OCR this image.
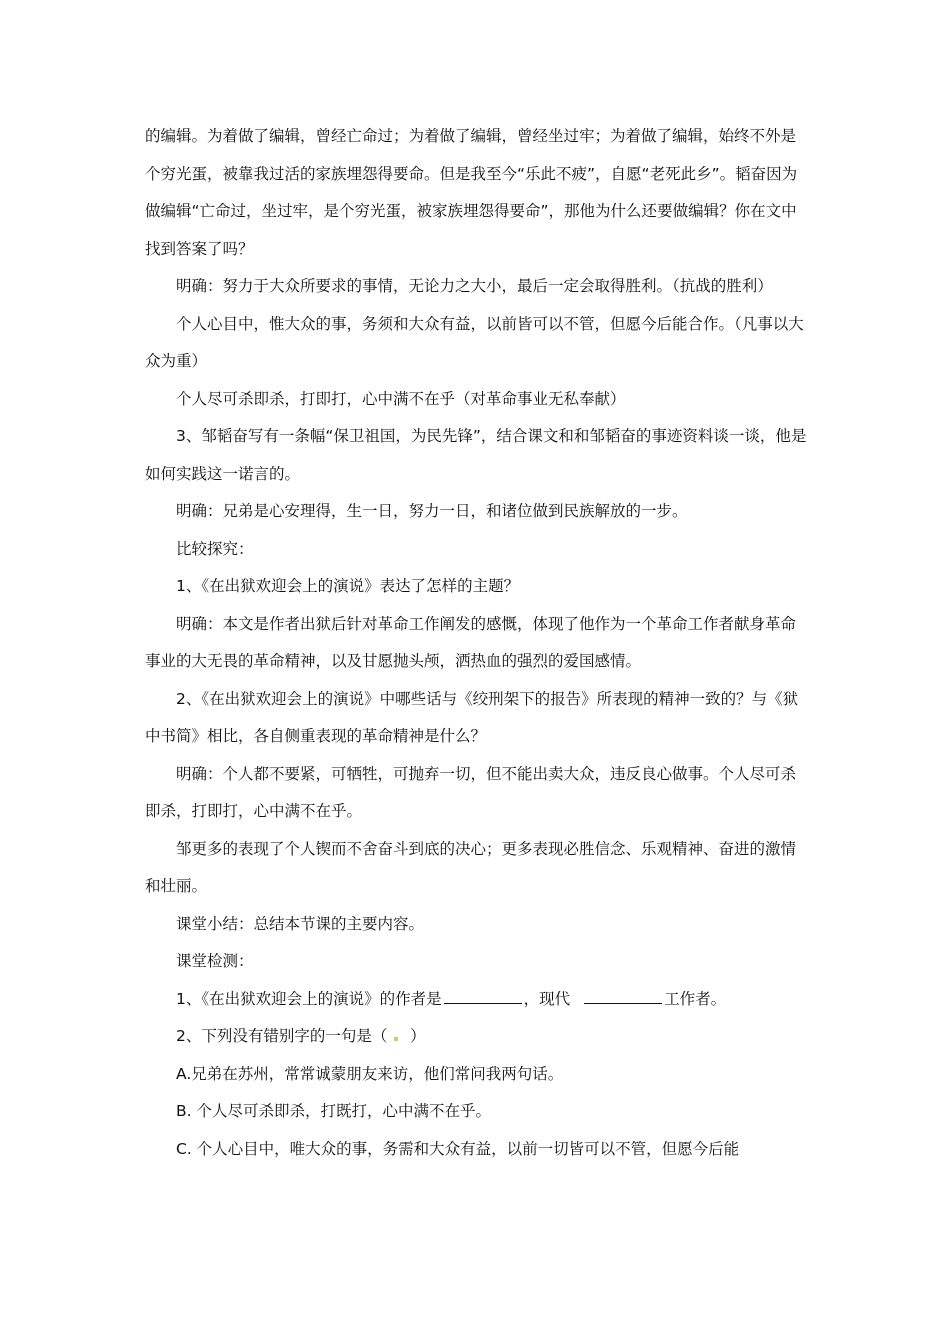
的编辑。为着做了编辑，曾经亡命过；为着做了编辑，曾经坐过牢；为着做了编辑，始终不外是个穷光蛋，被靠我过活的家族埋怨得要命。但是我至今“乐此不疲”，自愿“老死此乡”。韬奋因为做编辑“亡命过，坐过牢，是个穷光蛋，被家族埋怨得要命”，那他为什么还要做编辑？你在文中找到答案了吗？

明确：努力于大众所要求的事情，无论力之大小，最后一定会取得胜利。（抗战的胜利）

个人心目中，惟大众的事，务须和大众有益，以前皆可以不管，但愿今后能合作。（凡事以大众为重）

个人尽可杀即杀，打即打，心中满不在乎（对革命事业无私奉献）

3、邹韬奋写有一条幅“保卫祖国，为民先锋”，结合课文和和邹韬奋的事迹资料谈一谈，他是如何实践这一诺言的。

明确：兄弟是心安理得，生一日，努力一日，和诸位做到民族解放的一步。

比较探究：

1、《在出狱欢迎会上的演说》表达了怎样的主题？

明确：本文是作者出狱后针对革命工作阐发的感慨，体现了他作为一个革命工作者献身革命事业的大无畏的革命精神，以及甘愿抛头颅，洒热血的强烈的爱国感情。

2、《在出狱欢迎会上的演说》中哪些话与《绞刑架下的报告》所表现的精神一致的？与《狱中书简》相比，各自侧重表现的革命精神是什么？

明确：个人都不要紧，可牺牲，可抛弃一切，但不能出卖大众，违反良心做事。个人尽可杀即杀，打即打，心中满不在乎。

邹更多的表现了个人锲而不舍奋斗到底的决心；更多表现必胜信念、乐观精神、奋进的激情和壮丽。

课堂小结：总结本节课的主要内容。

课堂检测：

1、《在出狱欢迎会上的演说》的作者是	，现代	工作者。

2、下列没有错别字的一句是（ ）

A.兄弟在苏州，常常诚蒙朋友来访，他们常问我两句话。

B. 个人尽可杀即杀，打既打，心中满不在乎。

C. 个人心目中，唯大众的事，务需和大众有益，以前一切皆可以不管，但愿今后能
